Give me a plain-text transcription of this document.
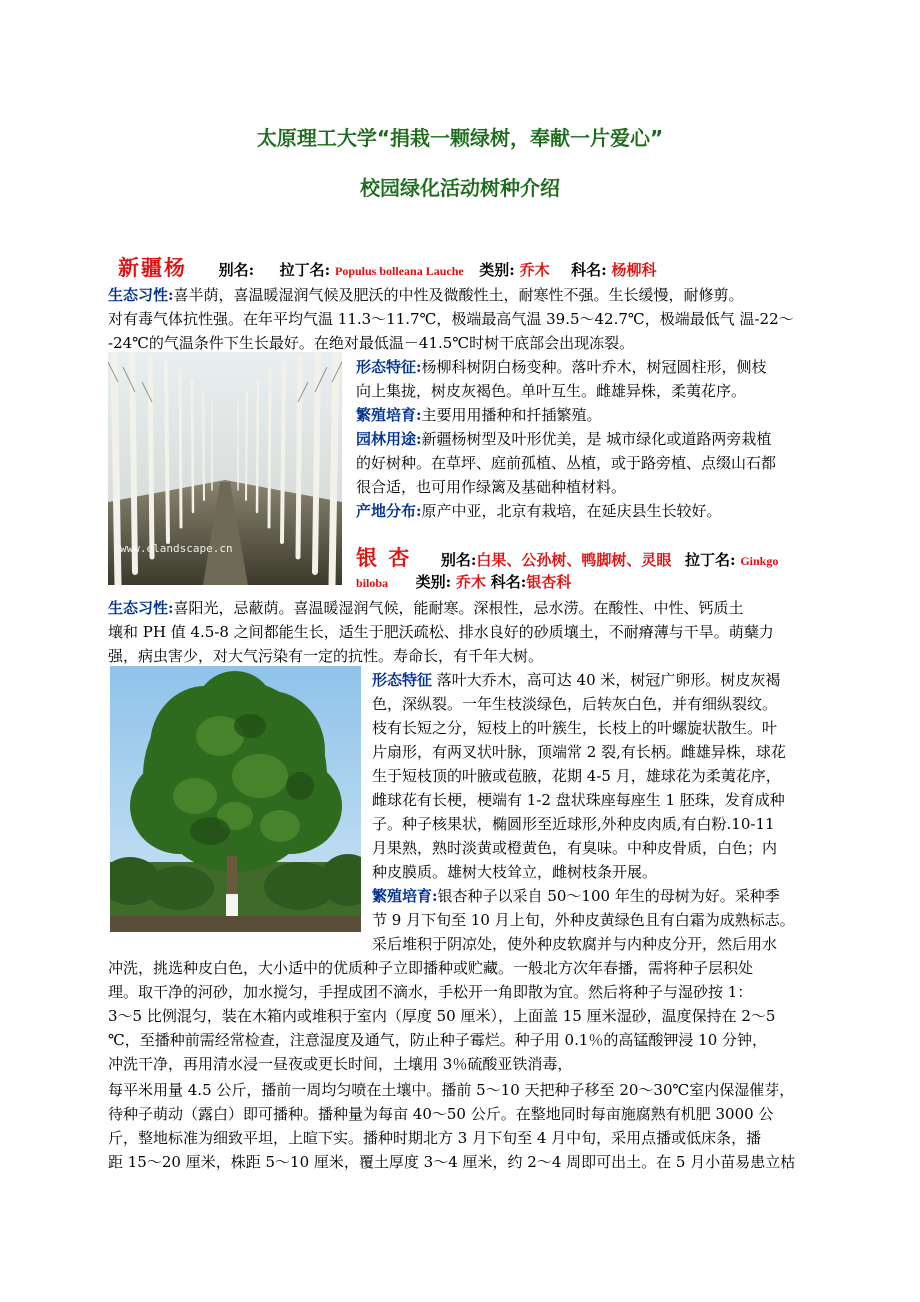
太原理工大学“捐栽一颗绿树，奉献一片爱心”
校园绿化活动树种介绍
新疆杨 别名: 拉丁名: Populus bolleana Lauche 类别: 乔木 科名: 杨柳科
生态习性:喜半荫，喜温暖湿润气候及肥沃的中性及微酸性土，耐寒性不强。生长缓慢，耐修剪。
对有毒气体抗性强。在年平均气温 11.3～11.7℃，极端最高气温 39.5～42.7℃，极端最低气 温-22～
-24℃的气温条件下生长最好。在绝对最低温－41.5℃时树干底部会出现冻裂。
www.elandscape.cn
形态特征:杨柳科树阴白杨变种。落叶乔木，树冠圆柱形，侧枝
向上集拢，树皮灰褐色。单叶互生。雌雄异株，柔荑花序。
繁殖培育:主要用用播种和扦插繁殖。
园林用途:新疆杨树型及叶形优美，是 城市绿化或道路两旁栽植
的好树种。在草坪、庭前孤植、丛植，或于路旁植、点缀山石都
很合适，也可用作绿篱及基础种植材料。
产地分布:原产中亚，北京有栽培，在延庆县生长较好。
银 杏 别名:白果、公孙树、鸭脚树、灵眼 拉丁名: Ginkgo
biloba 类别: 乔木 科名:银杏科
生态习性:喜阳光，忌蔽荫。喜温暖湿润气候，能耐寒。深根性，忌水涝。在酸性、中性、钙质土
壤和 PH 值 4.5-8 之间都能生长，适生于肥沃疏松、排水良好的砂质壤土，不耐瘠薄与干旱。萌蘖力
强，病虫害少，对大气污染有一定的抗性。寿命长，有千年大树。
形态特征 落叶大乔木，高可达 40 米，树冠广卵形。树皮灰褐
色，深纵裂。一年生枝淡绿色，后转灰白色，并有细纵裂纹。
枝有长短之分，短枝上的叶簇生，长枝上的叶螺旋状散生。叶
片扇形，有两叉状叶脉，顶端常 2 裂,有长柄。雌雄异株，球花
生于短枝顶的叶腋或苞腋，花期 4-5 月，雄球花为柔荑花序，
雌球花有长梗，梗端有 1-2 盘状珠座每座生 1 胚珠，发育成种
子。种子核果状，椭圆形至近球形,外种皮肉质,有白粉.10-11
月果熟，熟时淡黄或橙黄色，有臭味。中种皮骨质，白色；内
种皮膜质。雄树大枝耸立，雌树枝条开展。
繁殖培育:银杏种子以采自 50～100 年生的母树为好。采种季
节 9 月下旬至 10 月上旬，外种皮黄绿色且有白霜为成熟标志。
采后堆积于阴凉处，使外种皮软腐并与内种皮分开，然后用水
冲洗，挑选种皮白色，大小适中的优质种子立即播种或贮藏。一般北方次年春播，需将种子层积处
理。取干净的河砂，加水搅匀，手捏成团不滴水，手松开一角即散为宜。然后将种子与湿砂按 1：
3～5 比例混匀，装在木箱内或堆积于室内（厚度 50 厘米），上面盖 15 厘米湿砂，温度保持在 2～5
℃，至播种前需经常检查，注意湿度及通气，防止种子霉烂。种子用 0.1％的高锰酸钾浸 10 分钟，
冲洗干净，再用清水浸一昼夜或更长时间，土壤用 3％硫酸亚铁消毒，
每平米用量 4.5 公斤，播前一周均匀喷在土壤中。播前 5～10 天把种子移至 20～30℃室内保湿催芽，
待种子萌动（露白）即可播种。播种量为每亩 40～50 公斤。在整地同时每亩施腐熟有机肥 3000 公
斤，整地标准为细致平坦，上暄下实。播种时期北方 3 月下旬至 4 月中旬，采用点播或低床条，播
距 15～20 厘米，株距 5～10 厘米，覆土厚度 3～4 厘米，约 2～4 周即可出土。在 5 月小苗易患立枯
